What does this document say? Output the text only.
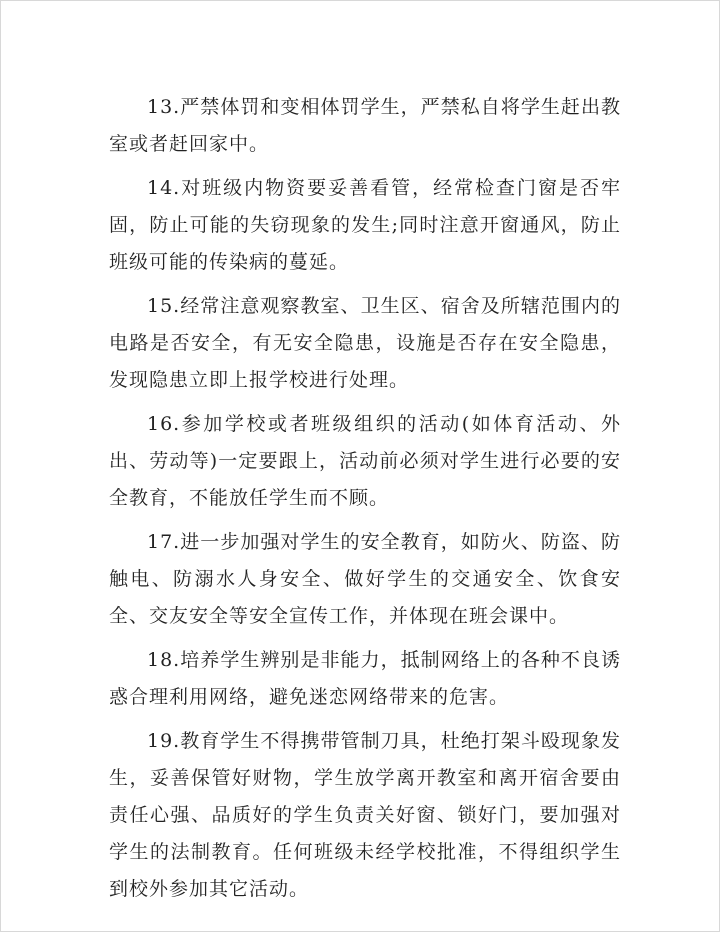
13.严禁体罚和变相体罚学生，严禁私自将学生赶出教室或者赶回家中。

14.对班级内物资要妥善看管，经常检查门窗是否牢固，防止可能的失窃现象的发生;同时注意开窗通风，防止班级可能的传染病的蔓延。

15.经常注意观察教室、卫生区、宿舍及所辖范围内的电路是否安全，有无安全隐患，设施是否存在安全隐患，发现隐患立即上报学校进行处理。

16.参加学校或者班级组织的活动(如体育活动、外出、劳动等)一定要跟上，活动前必须对学生进行必要的安全教育，不能放任学生而不顾。

17.进一步加强对学生的安全教育，如防火、防盗、防触电、防溺水人身安全、做好学生的交通安全、饮食安全、交友安全等安全宣传工作，并体现在班会课中。

18.培养学生辨别是非能力，抵制网络上的各种不良诱惑合理利用网络，避免迷恋网络带来的危害。

19.教育学生不得携带管制刀具，杜绝打架斗殴现象发生，妥善保管好财物，学生放学离开教室和离开宿舍要由责任心强、品质好的学生负责关好窗、锁好门，要加强对学生的法制教育。任何班级未经学校批准，不得组织学生到校外参加其它活动。
